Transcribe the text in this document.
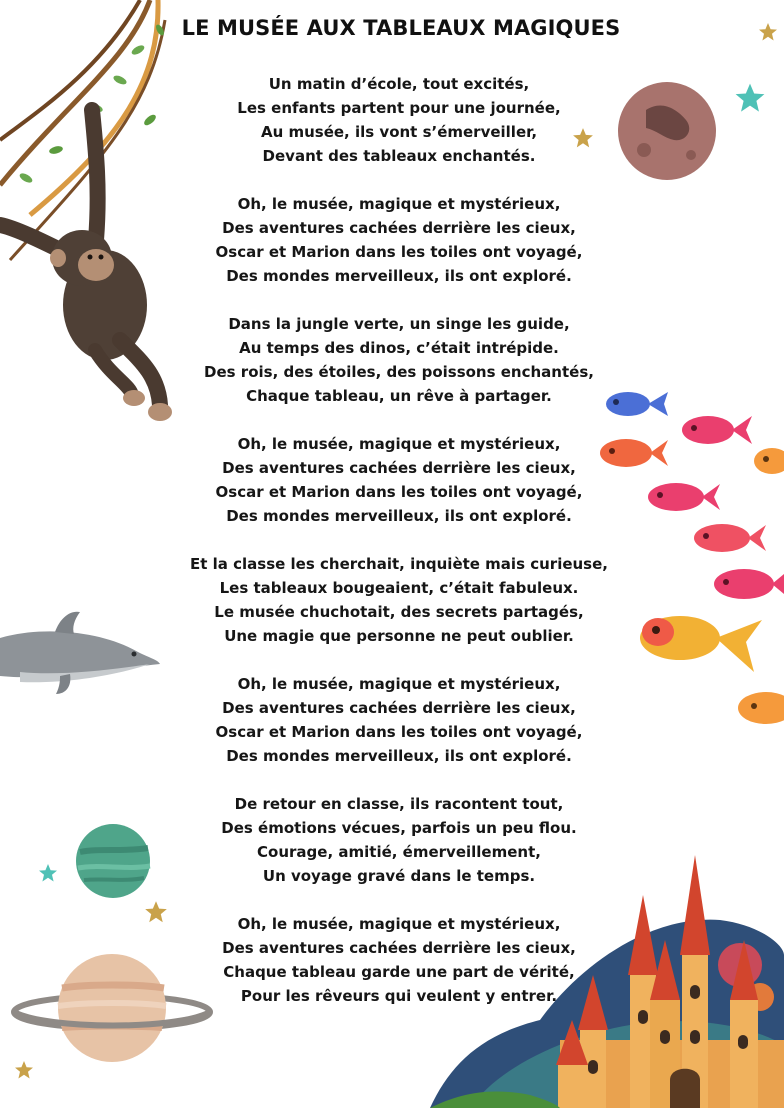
LE MUSÉE AUX TABLEAUX MAGIQUES
Un matin d’école, tout excités,
Les enfants partent pour une journée,
Au musée, ils vont s’émerveiller,
Devant des tableaux enchantés.
Oh, le musée, magique et mystérieux,
Des aventures cachées derrière les cieux,
Oscar et Marion dans les toiles ont voyagé,
Des mondes merveilleux, ils ont exploré.
Dans la jungle verte, un singe les guide,
Au temps des dinos, c’était intrépide.
Des rois, des étoiles, des poissons enchantés,
Chaque tableau, un rêve à partager.
Oh, le musée, magique et mystérieux,
Des aventures cachées derrière les cieux,
Oscar et Marion dans les toiles ont voyagé,
Des mondes merveilleux, ils ont exploré.
Et la classe les cherchait, inquiète mais curieuse,
Les tableaux bougeaient, c’était fabuleux.
Le musée chuchotait, des secrets partagés,
Une magie que personne ne peut oublier.
Oh, le musée, magique et mystérieux,
Des aventures cachées derrière les cieux,
Oscar et Marion dans les toiles ont voyagé,
Des mondes merveilleux, ils ont exploré.
De retour en classe, ils racontent tout,
Des émotions vécues, parfois un peu flou.
Courage, amitié, émerveillement,
Un voyage gravé dans le temps.
Oh, le musée, magique et mystérieux,
Des aventures cachées derrière les cieux,
Chaque tableau garde une part de vérité,
Pour les rêveurs qui veulent y entrer.
